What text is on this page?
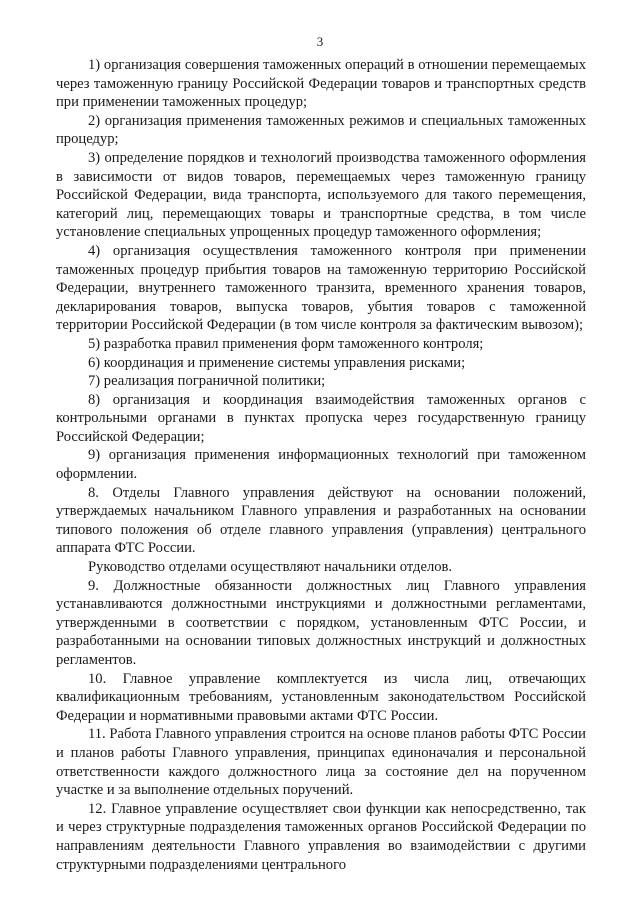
3

1) организация совершения таможенных операций в отношении перемещаемых через таможенную границу Российской Федерации товаров и транспортных средств при применении таможенных процедур;

2) организация применения таможенных режимов и специальных таможенных процедур;

3) определение порядков и технологий производства таможенного оформления в зависимости от видов товаров, перемещаемых через таможенную границу Российской Федерации, вида транспорта, используемого для такого перемещения, категорий лиц, перемещающих товары и транспортные средства, в том числе установление специальных упрощенных процедур таможенного оформления;

4) организация осуществления таможенного контроля при применении таможенных процедур прибытия товаров на таможенную территорию Российской Федерации, внутреннего таможенного транзита, временного хранения товаров, декларирования товаров, выпуска товаров, убытия товаров с таможенной территории Российской Федерации (в том числе контроля за фактическим вывозом);

5) разработка правил применения форм таможенного контроля;

6) координация и применение системы управления рисками;

7) реализация пограничной политики;

8) организация и координация взаимодействия таможенных органов с контрольными органами в пунктах пропуска через государственную границу Российской Федерации;

9) организация применения информационных технологий при таможенном оформлении.

8. Отделы Главного управления действуют на основании положений, утверждаемых начальником Главного управления и разработанных на основании типового положения об отделе главного управления (управления) центрального аппарата ФТС России.

Руководство отделами осуществляют начальники отделов.

9. Должностные обязанности должностных лиц Главного управления устанавливаются должностными инструкциями и должностными регламентами, утвержденными в соответствии с порядком, установленным ФТС России, и разработанными на основании типовых должностных инструкций и должностных регламентов.

10. Главное управление комплектуется из числа лиц, отвечающих квалификационным требованиям, установленным законодательством Российской Федерации и нормативными правовыми актами ФТС России.

11. Работа Главного управления строится на основе планов работы ФТС России и планов работы Главного управления, принципах единоначалия и персональной ответственности каждого должностного лица за состояние дел на порученном участке и за выполнение отдельных поручений.

12. Главное управление осуществляет свои функции как непосредственно, так и через структурные подразделения таможенных органов Российской Федерации по направлениям деятельности Главного управления во взаимодействии с другими структурными подразделениями центрального
